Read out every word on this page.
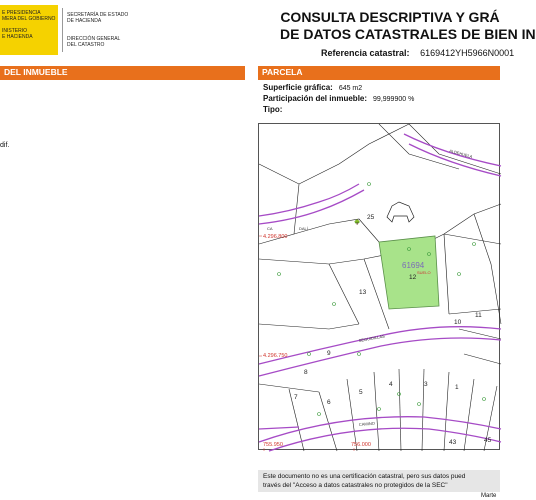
E PRESIDENCIA
MERA DEL GOBIERNO

INISTERIO
E HACIENDA
SECRETARÍA DE ESTADO
DE HACIENDA
DIRECCIÓN GENERAL
DEL CATASTRO
CONSULTA DESCRIPTIVA Y GRÁ
DE DATOS CATASTRALES DE BIEN IN
Referencia catastral: 6169412YH5966N0001
DEL INMUEBLE	PARCELA
dif.
Superficie gráfica: 645 m2
Participación del inmueble: 99,999900 %
Tipo:
🌳
25
13
11
10
9
8
7
5
6
4	3
43	45
1
61694
12
SUELO
ALDEHUELA
SEGUIDILLAS
CAMINO
DALÍ
CA
4.296.800
4.296.750
755.950	756.000
Este documento no es una certificación catastral, pero sus datos pued
través del "Acceso a datos catastrales no protegidos de la SEC"
Marte
